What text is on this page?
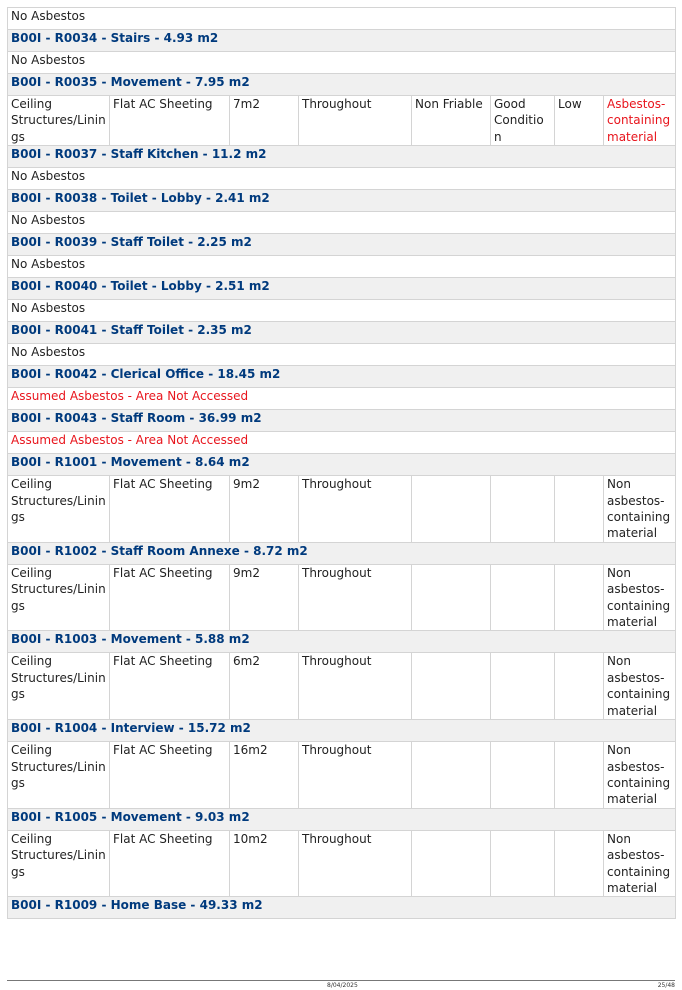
No Asbestos							
B00I - R0034 - Stairs - 4.93 m2							
No Asbestos							
B00I - R0035 - Movement - 7.95 m2							
Ceiling Structures/Linings	Flat AC Sheeting	7m2	Throughout	Non Friable	Good Condition	Low	Asbestos-containing material
B00I - R0037 - Staff Kitchen - 11.2 m2							
No Asbestos							
B00I - R0038 - Toilet - Lobby - 2.41 m2							
No Asbestos							
B00I - R0039 - Staff Toilet - 2.25 m2							
No Asbestos							
B00I - R0040 - Toilet - Lobby - 2.51 m2							
No Asbestos							
B00I - R0041 - Staff Toilet - 2.35 m2							
No Asbestos							
B00I - R0042 - Clerical Office - 18.45 m2							
Assumed Asbestos - Area Not Accessed							
B00I - R0043 - Staff Room - 36.99 m2							
Assumed Asbestos - Area Not Accessed							
B00I - R1001 - Movement - 8.64 m2							
Ceiling Structures/Linings	Flat AC Sheeting	9m2	Throughout				Non asbestos-containing material
B00I - R1002 - Staff Room Annexe - 8.72 m2							
Ceiling Structures/Linings	Flat AC Sheeting	9m2	Throughout				Non asbestos-containing material
B00I - R1003 - Movement - 5.88 m2							
Ceiling Structures/Linings	Flat AC Sheeting	6m2	Throughout				Non asbestos-containing material
B00I - R1004 - Interview - 15.72 m2							
Ceiling Structures/Linings	Flat AC Sheeting	16m2	Throughout				Non asbestos-containing material
B00I - R1005 - Movement - 9.03 m2							
Ceiling Structures/Linings	Flat AC Sheeting	10m2	Throughout				Non asbestos-containing material
B00I - R1009 - Home Base - 49.33 m2							
8/04/2025	25/48
